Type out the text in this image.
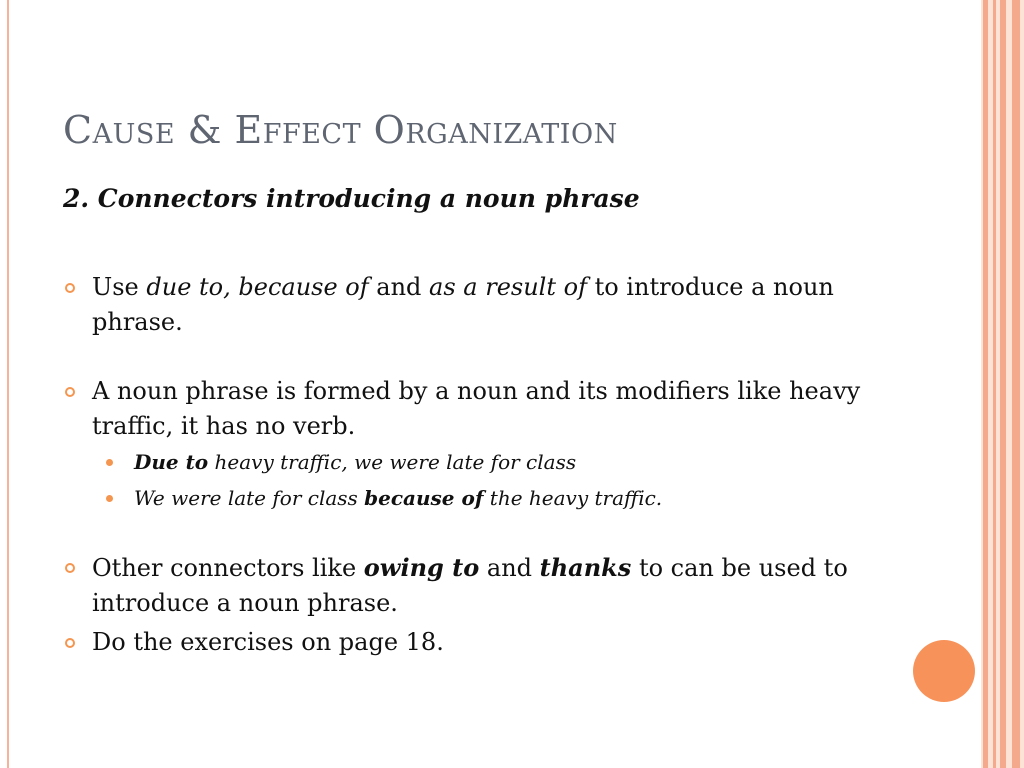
Cause & Effect Organization
2. Connectors introducing a noun phrase
Use due to, because of and as a result of to introduce a noun phrase.
A noun phrase is formed by a noun and its modifiers like heavy traffic, it has no verb.
Due to heavy traffic, we were late for class
We were late for class because of the heavy traffic.
Other connectors like owing to and thanks to can be used to introduce a noun phrase.
Do the exercises on page 18.
